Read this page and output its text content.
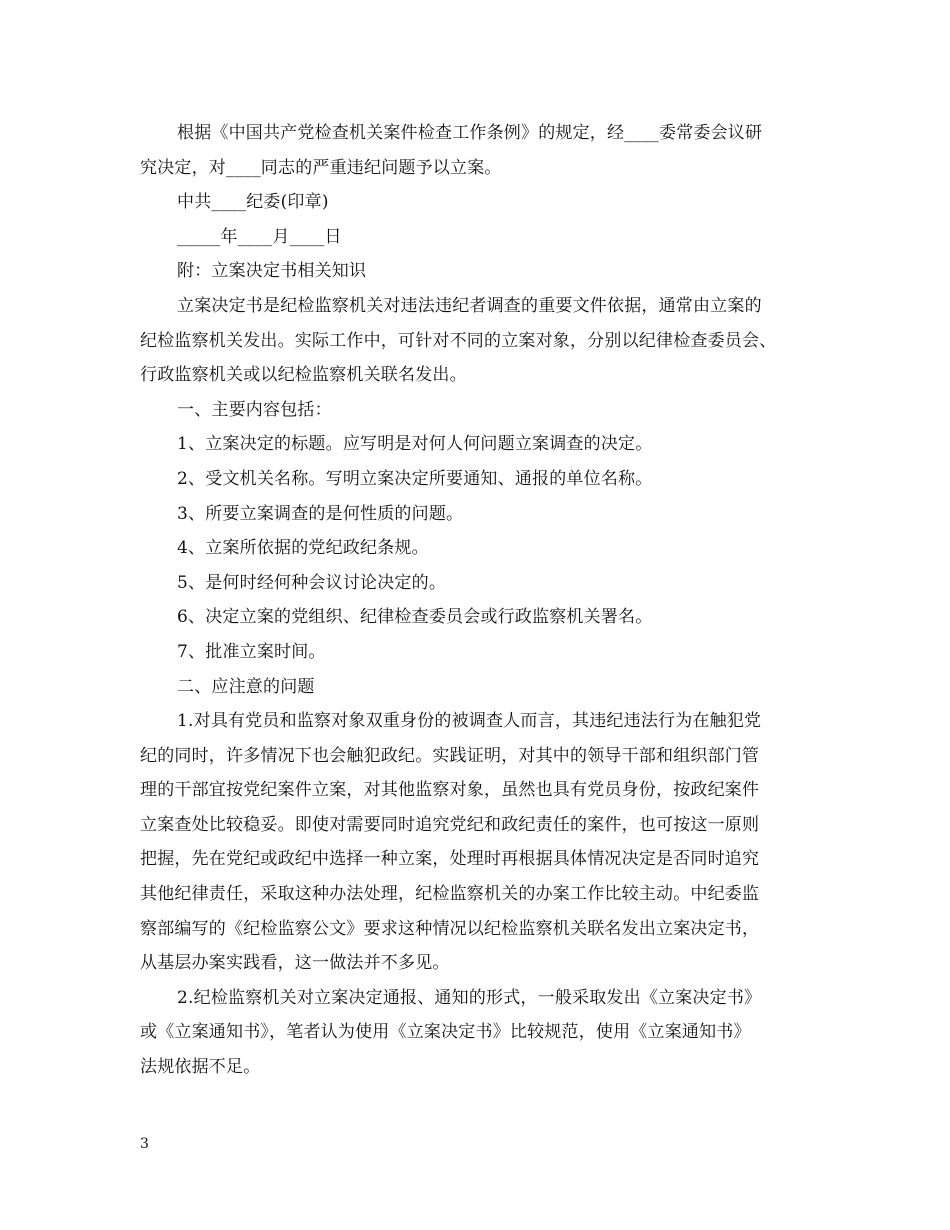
根据《中国共产党检查机关案件检查工作条例》的规定，经____委常委会议研
究决定，对____同志的严重违纪问题予以立案。
中共____纪委(印章)
_____年____月____日
附：立案决定书相关知识
立案决定书是纪检监察机关对违法违纪者调查的重要文件依据，通常由立案的
纪检监察机关发出。实际工作中，可针对不同的立案对象，分别以纪律检查委员会、
行政监察机关或以纪检监察机关联名发出。
一、主要内容包括：
1、立案决定的标题。应写明是对何人何问题立案调查的决定。
2、受文机关名称。写明立案决定所要通知、通报的单位名称。
3、所要立案调查的是何性质的问题。
4、立案所依据的党纪政纪条规。
5、是何时经何种会议讨论决定的。
6、决定立案的党组织、纪律检查委员会或行政监察机关署名。
7、批准立案时间。
二、应注意的问题
1.对具有党员和监察对象双重身份的被调查人而言，其违纪违法行为在触犯党
纪的同时，许多情况下也会触犯政纪。实践证明，对其中的领导干部和组织部门管
理的干部宜按党纪案件立案，对其他监察对象，虽然也具有党员身份，按政纪案件
立案查处比较稳妥。即使对需要同时追究党纪和政纪责任的案件，也可按这一原则
把握，先在党纪或政纪中选择一种立案，处理时再根据具体情况决定是否同时追究
其他纪律责任，采取这种办法处理，纪检监察机关的办案工作比较主动。中纪委监
察部编写的《纪检监察公文》要求这种情况以纪检监察机关联名发出立案决定书，
从基层办案实践看，这一做法并不多见。
2.纪检监察机关对立案决定通报、通知的形式，一般采取发出《立案决定书》
或《立案通知书》，笔者认为使用《立案决定书》比较规范，使用《立案通知书》
法规依据不足。
3
